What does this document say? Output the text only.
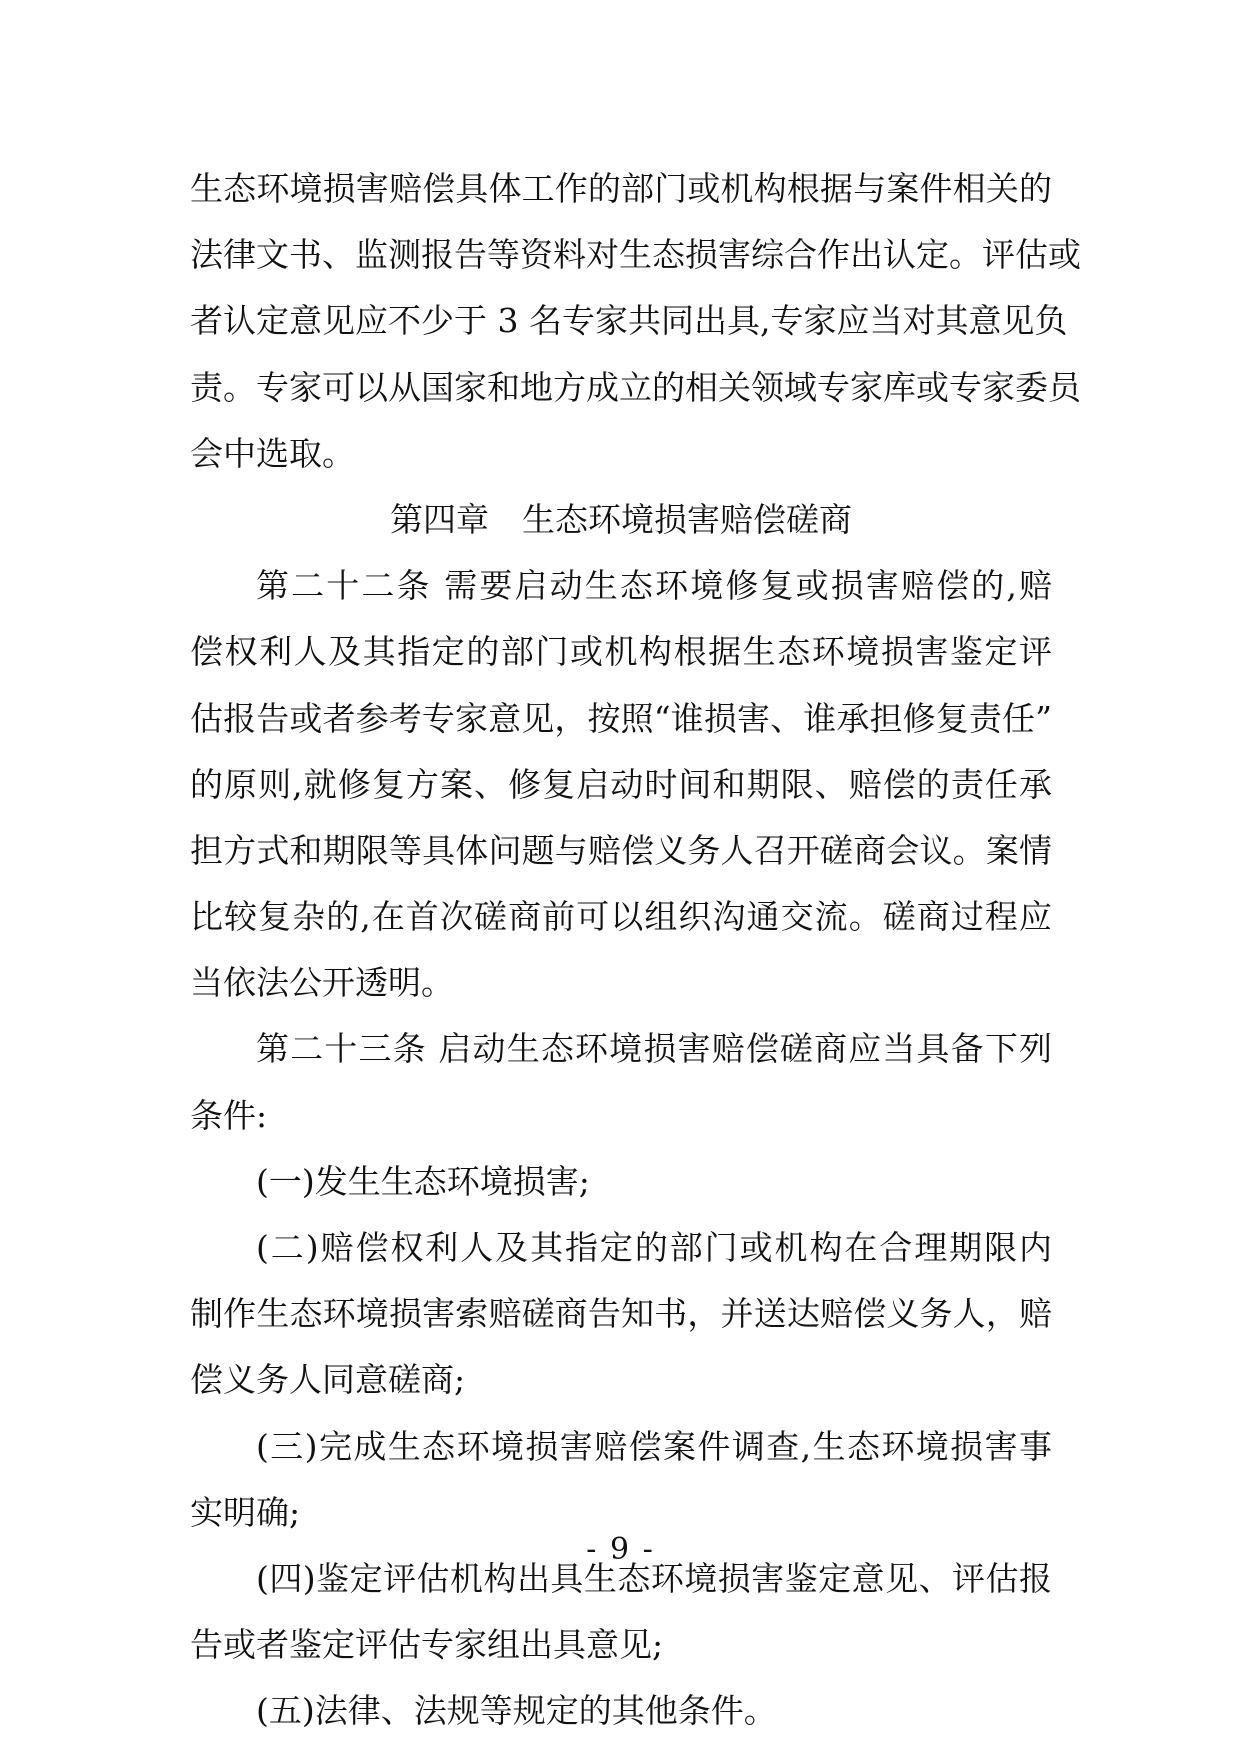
生态环境损害赔偿具体工作的部门或机构根据与案件相关的
法律文书、监测报告等资料对生态损害综合作出认定。评估或
者认定意见应不少于 3 名专家共同出具,专家应当对其意见负
责。专家可以从国家和地方成立的相关领域专家库或专家委员
会中选取。
第四章　生态环境损害赔偿磋商
第二十二条 需要启动生态环境修复或损害赔偿的,赔
偿权利人及其指定的部门或机构根据生态环境损害鉴定评
估报告或者参考专家意见，按照“谁损害、谁承担修复责任”
的原则,就修复方案、修复启动时间和期限、赔偿的责任承
担方式和期限等具体问题与赔偿义务人召开磋商会议。案情
比较复杂的,在首次磋商前可以组织沟通交流。磋商过程应
当依法公开透明。
第二十三条 启动生态环境损害赔偿磋商应当具备下列
条件:
(一)发生生态环境损害;
(二)赔偿权利人及其指定的部门或机构在合理期限内
制作生态环境损害索赔磋商告知书，并送达赔偿义务人，赔
偿义务人同意磋商;
(三)完成生态环境损害赔偿案件调查,生态环境损害事
实明确;
(四)鉴定评估机构出具生态环境损害鉴定意见、评估报
告或者鉴定评估专家组出具意见;
(五)法律、法规等规定的其他条件。
- 9 -
